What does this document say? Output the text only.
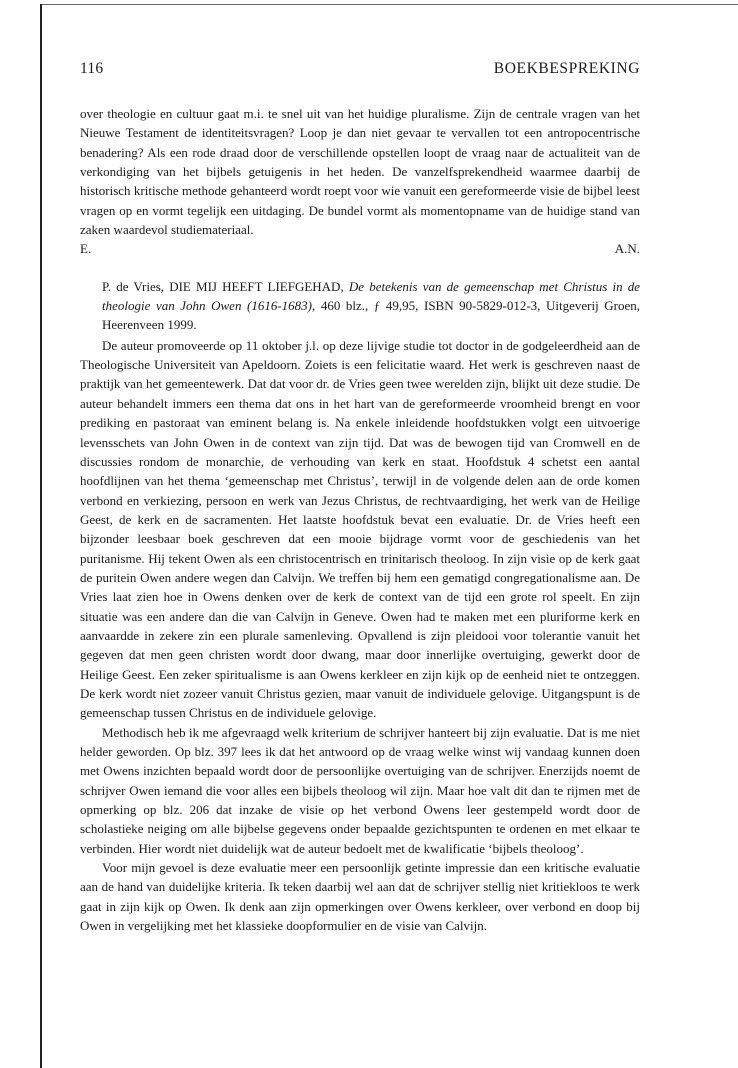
116	BOEKBESPREKING

over theologie en cultuur gaat m.i. te snel uit van het huidige pluralisme. Zijn de centrale vragen van het Nieuwe Testament de identiteitsvragen? Loop je dan niet gevaar te vervallen tot een antropocentrische benadering? Als een rode draad door de verschillende opstellen loopt de vraag naar de actualiteit van de verkondiging van het bijbels getuigenis in het heden. De vanzelfsprekendheid waarmee daarbij de historisch kritische methode gehanteerd wordt roept voor wie vanuit een gereformeerde visie de bijbel leest vragen op en vormt tegelijk een uitdaging. De bundel vormt als momentopname van de huidige stand van zaken waardevol studiemateriaal.

E.	A.N.
P. de Vries, DIE MIJ HEEFT LIEFGEHAD, De betekenis van de gemeenschap met Christus in de theologie van John Owen (1616-1683), 460 blz., ƒ 49,95, ISBN 90-5829-012-3, Uitgeverij Groen, Heerenveen 1999.

De auteur promoveerde op 11 oktober j.l. op deze lijvige studie tot doctor in de godgeleerdheid aan de Theologische Universiteit van Apeldoorn. Zoiets is een felicitatie waard. Het werk is geschreven naast de praktijk van het gemeentewerk. Dat dat voor dr. de Vries geen twee werelden zijn, blijkt uit deze studie. De auteur behandelt immers een thema dat ons in het hart van de gereformeerde vroomheid brengt en voor prediking en pastoraat van eminent belang is. Na enkele inleidende hoofdstukken volgt een uitvoerige levensschets van John Owen in de context van zijn tijd. Dat was de bewogen tijd van Cromwell en de discussies rondom de monarchie, de verhouding van kerk en staat. Hoofdstuk 4 schetst een aantal hoofdlijnen van het thema ‘gemeenschap met Christus’, terwijl in de volgende delen aan de orde komen verbond en verkiezing, persoon en werk van Jezus Christus, de rechtvaardiging, het werk van de Heilige Geest, de kerk en de sacramenten. Het laatste hoofdstuk bevat een evaluatie. Dr. de Vries heeft een bijzonder leesbaar boek geschreven dat een mooie bijdrage vormt voor de geschiedenis van het puritanisme. Hij tekent Owen als een christocentrisch en trinitarisch theoloog. In zijn visie op de kerk gaat de puritein Owen andere wegen dan Calvijn. We treffen bij hem een gematigd congregationalisme aan. De Vries laat zien hoe in Owens denken over de kerk de context van de tijd een grote rol speelt. En zijn situatie was een andere dan die van Calvijn in Geneve. Owen had te maken met een pluriforme kerk en aanvaardde in zekere zin een plurale samenleving. Opvallend is zijn pleidooi voor tolerantie vanuit het gegeven dat men geen christen wordt door dwang, maar door innerlijke overtuiging, gewerkt door de Heilige Geest. Een zeker spiritualisme is aan Owens kerkleer en zijn kijk op de eenheid niet te ontzeggen. De kerk wordt niet zozeer vanuit Christus gezien, maar vanuit de individuele gelovige. Uitgangspunt is de gemeenschap tussen Christus en de individuele gelovige.

Methodisch heb ik me afgevraagd welk kriterium de schrijver hanteert bij zijn evaluatie. Dat is me niet helder geworden. Op blz. 397 lees ik dat het antwoord op de vraag welke winst wij vandaag kunnen doen met Owens inzichten bepaald wordt door de persoonlijke overtuiging van de schrijver. Enerzijds noemt de schrijver Owen iemand die voor alles een bijbels theoloog wil zijn. Maar hoe valt dit dan te rijmen met de opmerking op blz. 206 dat inzake de visie op het verbond Owens leer gestempeld wordt door de scholastieke neiging om alle bijbelse gegevens onder bepaalde gezichtspunten te ordenen en met elkaar te verbinden. Hier wordt niet duidelijk wat de auteur bedoelt met de kwalificatie ‘bijbels theoloog’.

Voor mijn gevoel is deze evaluatie meer een persoonlijk getinte impressie dan een kritische evaluatie aan de hand van duidelijke kriteria. Ik teken daarbij wel aan dat de schrijver stellig niet kritiekloos te werk gaat in zijn kijk op Owen. Ik denk aan zijn opmerkingen over Owens kerkleer, over verbond en doop bij Owen in vergelijking met het klassieke doopformulier en de visie van Calvijn.
